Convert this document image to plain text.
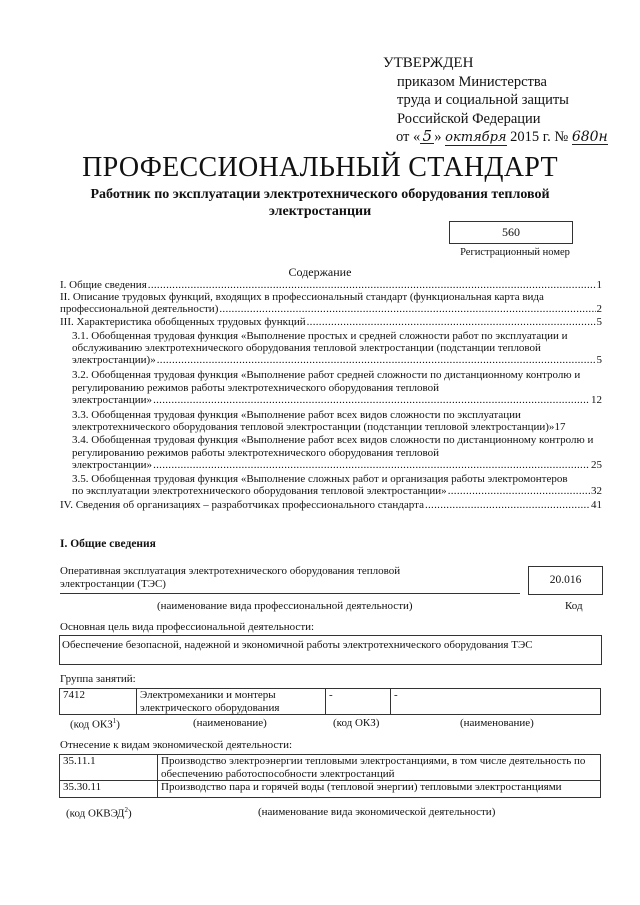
УТВЕРЖДЕН
приказом Министерства
труда и социальной защиты
Российской Федерации
от « 5 » октября 2015 г. № 680н
ПРОФЕССИОНАЛЬНЫЙ СТАНДАРТ
Работник по эксплуатации электротехнического оборудования тепловой электростанции
560
Регистрационный номер
Содержание
I. Общие сведения .....	1
II. Описание трудовых функций, входящих в профессиональный стандарт (функциональная карта вида
профессиональной деятельности) .....	2
III. Характеристика обобщенных трудовых функций .....	5
3.1. Обобщенная трудовая функция «Выполнение простых и средней сложности работ по эксплуатации и обслуживанию электротехнического оборудования тепловой электростанции (подстанции тепловой
электростанции)» .....	5
3.2. Обобщенная трудовая функция «Выполнение работ средней сложности по дистанционному контролю и регулированию режимов работы электротехнического оборудования тепловой
электростанции» .....	12
3.3. Обобщенная трудовая функция «Выполнение работ всех видов сложности по эксплуатации
электротехнического оборудования тепловой электростанции (подстанции тепловой электростанции)» 17
3.4. Обобщенная трудовая функция «Выполнение работ всех видов сложности по дистанционному контролю и регулированию режимов работы электротехнического оборудования тепловой
электростанции» .....	25
3.5. Обобщенная трудовая функция «Выполнение сложных работ и организация работы электромонтеров
по эксплуатации электротехнического оборудования тепловой электростанции» .....	32
IV. Сведения об организациях – разработчиках профессионального стандарта .....	41
I. Общие сведения
Оперативная эксплуатация электротехнического оборудования тепловой электростанции (ТЭС)	20.016
(наименование вида профессиональной деятельности)	Код
Основная цель вида профессиональной деятельности:
Обеспечение безопасной, надежной и экономичной работы электротехнического оборудования ТЭС
Группа занятий:
7412	Электромеханики и монтеры электрического оборудования	-	-
(код ОКЗ$^1$)	(наименование)	(код ОКЗ)	(наименование)
Отнесение к видам экономической деятельности:
35.11.1	Производство электроэнергии тепловыми электростанциями, в том числе деятельность по обеспечению работоспособности электростанций
35.30.11	Производство пара и горячей воды (тепловой энергии) тепловыми электростанциями
(код ОКВЭД$^2$)	(наименование вида экономической деятельности)
